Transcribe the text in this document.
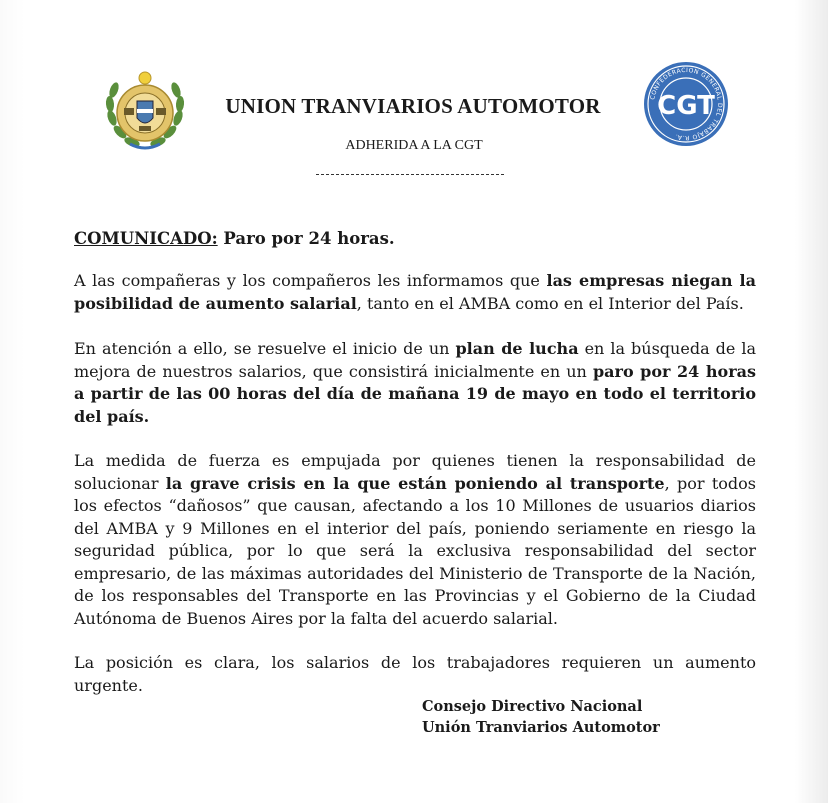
CONFEDERACION GENERAL DEL TRABAJO R.A.
CGT
UNION TRANVIARIOS AUTOMOTOR
ADHERIDA A LA CGT
COMUNICADO: Paro por 24 horas.
A las compañeras y los compañeros les informamos que las empresas niegan la posibilidad de aumento salarial, tanto en el AMBA como en el Interior del País.
En atención a ello, se resuelve el inicio de un plan de lucha en la búsqueda de la mejora de nuestros salarios, que consistirá inicialmente en un paro por 24 horas a partir de las 00 horas del día de mañana 19 de mayo en todo el territorio del país.
La medida de fuerza es empujada por quienes tienen la responsabilidad de solucionar la grave crisis en la que están poniendo al transporte, por todos los efectos “dañosos” que causan, afectando a los 10 Millones de usuarios diarios del AMBA y 9 Millones en el interior del país, poniendo seriamente en riesgo la seguridad pública, por lo que será la exclusiva responsabilidad del sector empresario, de las máximas autoridades del Ministerio de Transporte de la Nación, de los responsables del Transporte en las Provincias y el Gobierno de la Ciudad Autónoma de Buenos Aires por la falta del acuerdo salarial.
La posición es clara, los salarios de los trabajadores requieren un aumento urgente.
Consejo Directivo Nacional
Unión Tranviarios Automotor
